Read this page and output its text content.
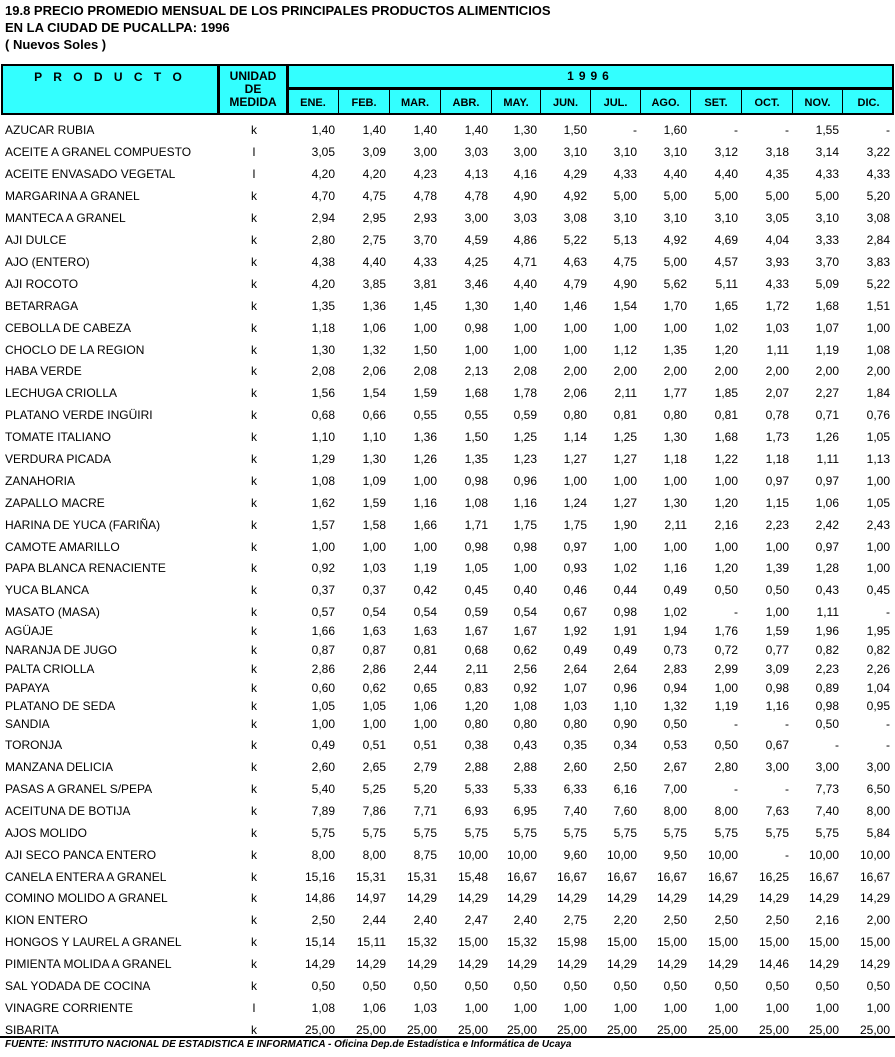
19.8 PRECIO PROMEDIO MENSUAL DE LOS PRINCIPALES PRODUCTOS ALIMENTICIOS
EN LA CIUDAD DE PUCALLPA: 1996
( Nuevos Soles )
P R O D U C T O	UNIDAD DE MEDIDA
1996
ENE.	FEB.	MAR.	ABR.	MAY.	JUN.	JUL.	AGO.	SET.	OCT.	NOV.	DIC.
AZUCAR RUBIA	k	1,40	1,40	1,40	1,40	1,30	1,50	-	1,60	-	-	1,55	-
ACEITE A GRANEL COMPUESTO	l	3,05	3,09	3,00	3,03	3,00	3,10	3,10	3,10	3,12	3,18	3,14	3,22
ACEITE ENVASADO VEGETAL	l	4,20	4,20	4,23	4,13	4,16	4,29	4,33	4,40	4,40	4,35	4,33	4,33
MARGARINA A GRANEL	k	4,70	4,75	4,78	4,78	4,90	4,92	5,00	5,00	5,00	5,00	5,00	5,20
MANTECA A GRANEL	k	2,94	2,95	2,93	3,00	3,03	3,08	3,10	3,10	3,10	3,05	3,10	3,08
AJI DULCE	k	2,80	2,75	3,70	4,59	4,86	5,22	5,13	4,92	4,69	4,04	3,33	2,84
AJO (ENTERO)	k	4,38	4,40	4,33	4,25	4,71	4,63	4,75	5,00	4,57	3,93	3,70	3,83
AJI ROCOTO	k	4,20	3,85	3,81	3,46	4,40	4,79	4,90	5,62	5,11	4,33	5,09	5,22
BETARRAGA	k	1,35	1,36	1,45	1,30	1,40	1,46	1,54	1,70	1,65	1,72	1,68	1,51
CEBOLLA DE CABEZA	k	1,18	1,06	1,00	0,98	1,00	1,00	1,00	1,00	1,02	1,03	1,07	1,00
CHOCLO DE LA REGION	k	1,30	1,32	1,50	1,00	1,00	1,00	1,12	1,35	1,20	1,11	1,19	1,08
HABA VERDE	k	2,08	2,06	2,08	2,13	2,08	2,00	2,00	2,00	2,00	2,00	2,00	2,00
LECHUGA CRIOLLA	k	1,56	1,54	1,59	1,68	1,78	2,06	2,11	1,77	1,85	2,07	2,27	1,84
PLATANO VERDE INGÜIRI	k	0,68	0,66	0,55	0,55	0,59	0,80	0,81	0,80	0,81	0,78	0,71	0,76
TOMATE ITALIANO	k	1,10	1,10	1,36	1,50	1,25	1,14	1,25	1,30	1,68	1,73	1,26	1,05
VERDURA PICADA	k	1,29	1,30	1,26	1,35	1,23	1,27	1,27	1,18	1,22	1,18	1,11	1,13
ZANAHORIA	k	1,08	1,09	1,00	0,98	0,96	1,00	1,00	1,00	1,00	0,97	0,97	1,00
ZAPALLO MACRE	k	1,62	1,59	1,16	1,08	1,16	1,24	1,27	1,30	1,20	1,15	1,06	1,05
HARINA DE YUCA (FARIÑA)	k	1,57	1,58	1,66	1,71	1,75	1,75	1,90	2,11	2,16	2,23	2,42	2,43
CAMOTE AMARILLO	k	1,00	1,00	1,00	0,98	0,98	0,97	1,00	1,00	1,00	1,00	0,97	1,00
PAPA BLANCA RENACIENTE	k	0,92	1,03	1,19	1,05	1,00	0,93	1,02	1,16	1,20	1,39	1,28	1,00
YUCA BLANCA	k	0,37	0,37	0,42	0,45	0,40	0,46	0,44	0,49	0,50	0,50	0,43	0,45
MASATO (MASA)	k	0,57	0,54	0,54	0,59	0,54	0,67	0,98	1,02	-	1,00	1,11	-
AGÜAJE	k	1,66	1,63	1,63	1,67	1,67	1,92	1,91	1,94	1,76	1,59	1,96	1,95
NARANJA DE JUGO	k	0,87	0,87	0,81	0,68	0,62	0,49	0,49	0,73	0,72	0,77	0,82	0,82
PALTA CRIOLLA	k	2,86	2,86	2,44	2,11	2,56	2,64	2,64	2,83	2,99	3,09	2,23	2,26
PAPAYA	k	0,60	0,62	0,65	0,83	0,92	1,07	0,96	0,94	1,00	0,98	0,89	1,04
PLATANO DE SEDA	k	1,05	1,05	1,06	1,20	1,08	1,03	1,10	1,32	1,19	1,16	0,98	0,95
SANDIA	k	1,00	1,00	1,00	0,80	0,80	0,80	0,90	0,50	-	-	0,50	-
TORONJA	k	0,49	0,51	0,51	0,38	0,43	0,35	0,34	0,53	0,50	0,67	-	-
MANZANA DELICIA	k	2,60	2,65	2,79	2,88	2,88	2,60	2,50	2,67	2,80	3,00	3,00	3,00
PASAS A GRANEL S/PEPA	k	5,40	5,25	5,20	5,33	5,33	6,33	6,16	7,00	-	-	7,73	6,50
ACEITUNA DE BOTIJA	k	7,89	7,86	7,71	6,93	6,95	7,40	7,60	8,00	8,00	7,63	7,40	8,00
AJOS MOLIDO	k	5,75	5,75	5,75	5,75	5,75	5,75	5,75	5,75	5,75	5,75	5,75	5,84
AJI SECO PANCA ENTERO	k	8,00	8,00	8,75	10,00	10,00	9,60	10,00	9,50	10,00	-	10,00	10,00
CANELA ENTERA A GRANEL	k	15,16	15,31	15,31	15,48	16,67	16,67	16,67	16,67	16,67	16,25	16,67	16,67
COMINO MOLIDO A GRANEL	k	14,86	14,97	14,29	14,29	14,29	14,29	14,29	14,29	14,29	14,29	14,29	14,29
KION ENTERO	k	2,50	2,44	2,40	2,47	2,40	2,75	2,20	2,50	2,50	2,50	2,16	2,00
HONGOS Y LAUREL A GRANEL	k	15,14	15,11	15,32	15,00	15,32	15,98	15,00	15,00	15,00	15,00	15,00	15,00
PIMIENTA MOLIDA A GRANEL	k	14,29	14,29	14,29	14,29	14,29	14,29	14,29	14,29	14,29	14,46	14,29	14,29
SAL YODADA DE COCINA	k	0,50	0,50	0,50	0,50	0,50	0,50	0,50	0,50	0,50	0,50	0,50	0,50
VINAGRE CORRIENTE	l	1,08	1,06	1,03	1,00	1,00	1,00	1,00	1,00	1,00	1,00	1,00	1,00
SIBARITA	k	25,00	25,00	25,00	25,00	25,00	25,00	25,00	25,00	25,00	25,00	25,00	25,00
FUENTE: INSTITUTO NACIONAL DE ESTADISTICA E INFORMATICA - Oficina Dep.de Estadística e Informática de Ucaya
